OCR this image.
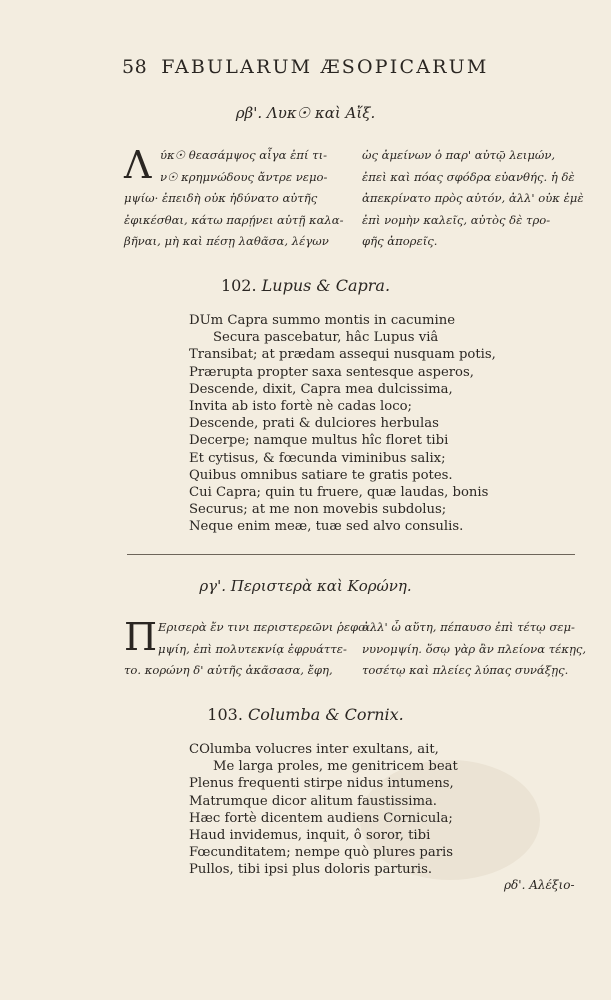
58 FABULARUM ÆSOPICARUM
ρβ'. Λυκ☉ καὶ Αἴξ.
Λ ύκ☉ θεασάμψος αἶγα ἐπί τι-
ν☉ κρημνώδους ἄντρε νεμο-
μψίω· ἐπειδὴ οὐκ ἠδύνατο αὐτῆς
ἐφικέσθαι, κάτω παρῄνει αὐτῇ καλα-
βῆναι, μὴ καὶ πέσῃ λαθᾶσα, λέγων
ὡς ἀμείνων ὁ παρ' αὐτῷ λειμών,
ἐπεὶ καὶ πόας σφόδρα εὐανθής. ἡ δὲ
ἀπεκρίνατο πρὸς αὐτόν, ἀλλ' οὐκ ἐμὲ
ἐπὶ νομὴν καλεῖς, αὐτὸς δὲ τρο-
φῆς ἀπορεῖς.
102. Lupus & Capra.
DUm Capra summo montis in cacumine
Secura pascebatur, hâc Lupus viâ
Transibat; at prædam assequi nusquam potis,
Prærupta propter saxa sentesque asperos,
Descende, dixit, Capra mea dulcissima,
Invita ab isto fortè nè cadas loco;
Descende, prati & dulciores herbulas
Decerpe; namque multus hîc floret tibi
Et cytisus, & fœcunda viminibus salix;
Quibus omnibus satiare te gratis potes.
Cui Capra; quin tu fruere, quæ laudas, bonis
Securus; at me non movebis subdolus;
Neque enim meæ, tuæ sed alvo consulis.
ργ'. Περιστερὰ καὶ Κορώνη.
Π Ερισερὰ ἔν τινι περιστερεῶνι ῥεφο-
μψίη, ἐπὶ πολυτεκνίᾳ ἐφρυάττε-
το. κορώνη δ' αὐτῆς ἀκᾶσασα, ἔφη,
ἀλλ' ὦ αὕτη, πέπαυσο ἐπὶ τέτῳ σεμ-
νυνομψίη. ὅσῳ γὰρ ἂν πλείονα τέκῃς,
τοσέτῳ καὶ πλείες λύπας συνάξῃς.
103. Columba & Cornix.
COlumba volucres inter exultans, ait,
Me larga proles, me genitricem beat
Plenus frequenti stirpe nidus intumens,
Matrumque dicor alitum faustissima.
Hæc fortè dicentem audiens Cornicula;
Haud invidemus, inquit, ô soror, tibi
Fœcunditatem; nempe quò plures paris
Pullos, tibi ipsi plus doloris parturis.
ρδ'. Αλέξιο-
